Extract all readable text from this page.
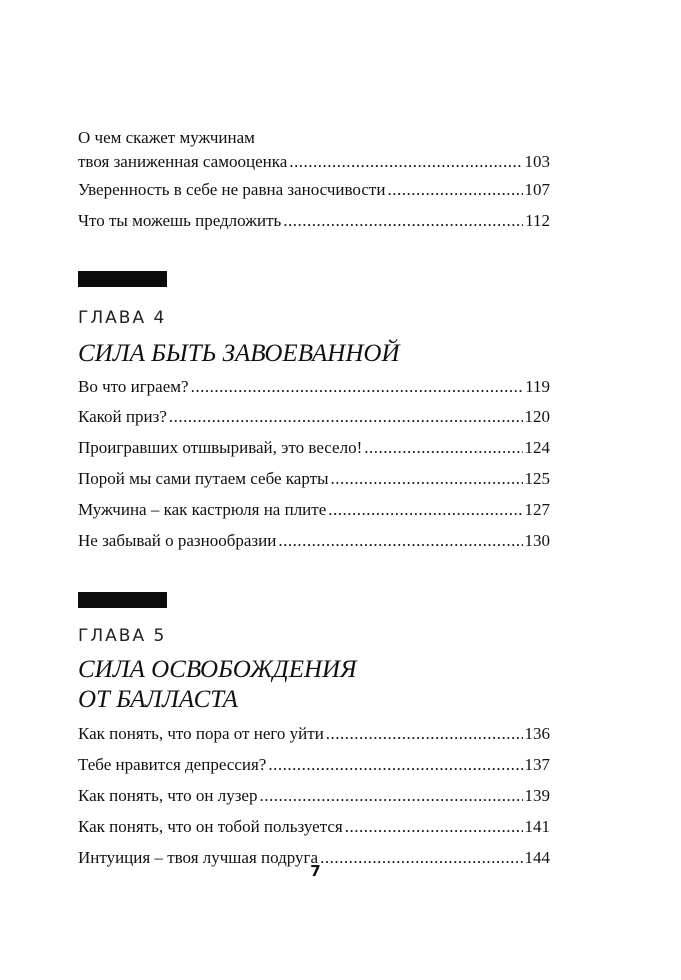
О чем скажет мужчинам
твоя заниженная самооценка .....	103
Уверенность в себе не равна заносчивости .....	107
Что ты можешь предложить .....	112
ГЛАВА 4
СИЛА БЫТЬ ЗАВОЕВАННОЙ
Во что играем? .....	119
Какой приз? .....	120
Проигравших отшвыривай, это весело! .....	124
Порой мы сами путаем себе карты .....	125
Мужчина – как кастрюля на плите .....	127
Не забывай о разнообразии .....	130
ГЛАВА 5
СИЛА ОСВОБОЖДЕНИЯ
ОТ БАЛЛАСТА
Как понять, что пора от него уйти .....	136
Тебе нравится депрессия? .....	137
Как понять, что он лузер .....	139
Как понять, что он тобой пользуется .....	141
Интуиция – твоя лучшая подруга .....	144
7
